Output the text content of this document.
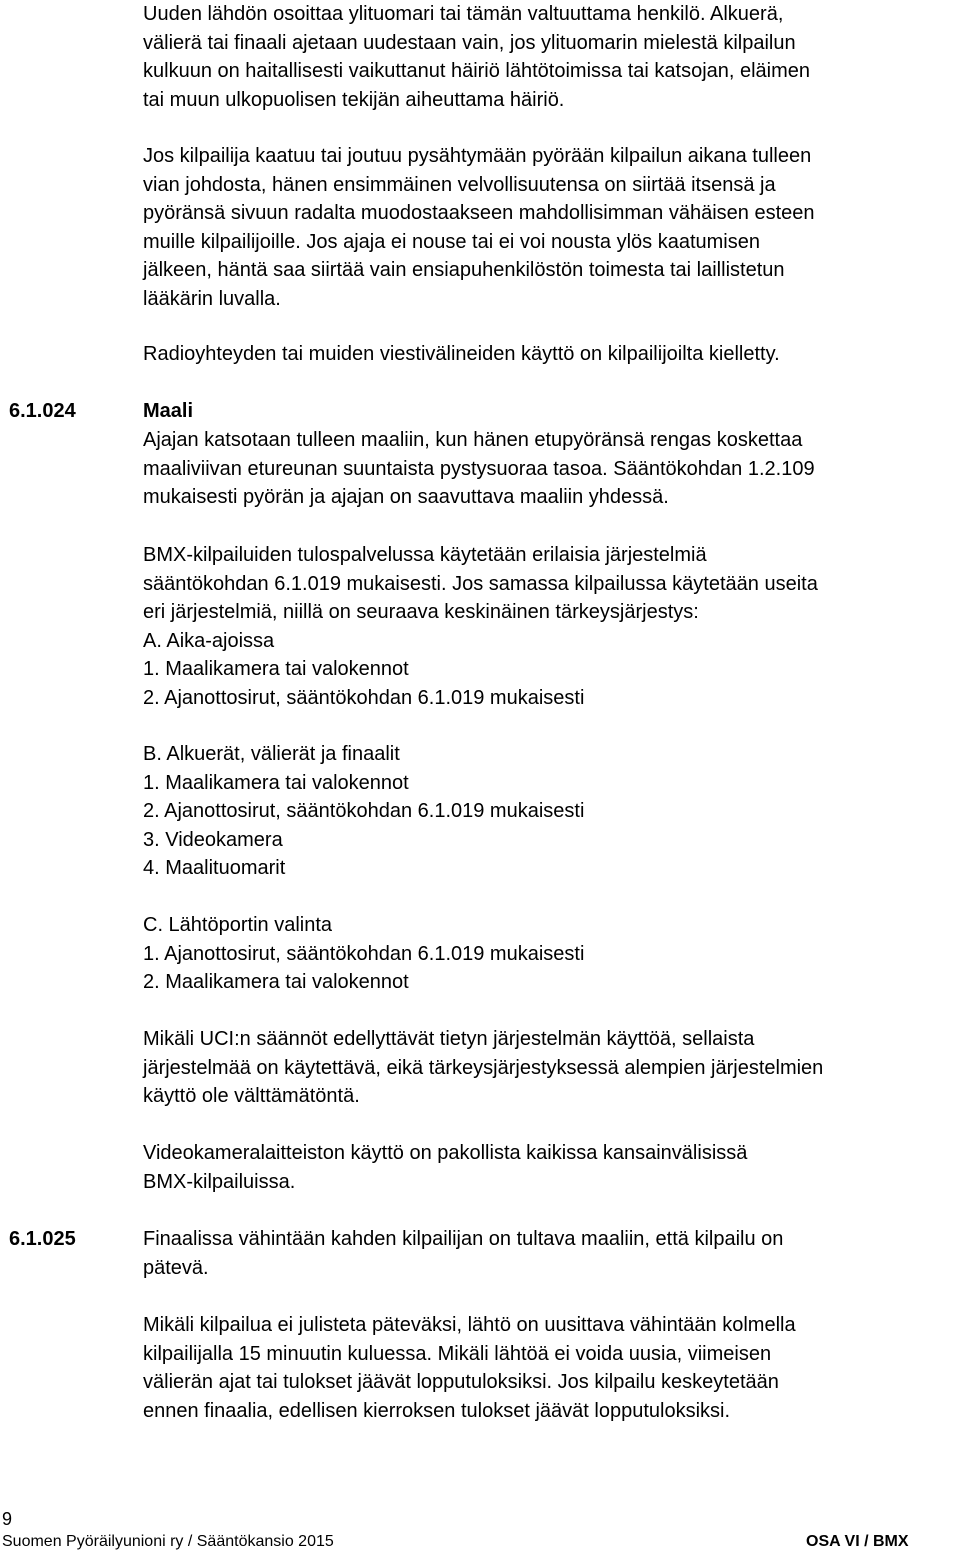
Uuden lähdön osoittaa ylituomari tai tämän valtuuttama henkilö. Alkuerä,
välierä tai finaali ajetaan uudestaan vain, jos ylituomarin mielestä kilpailun
kulkuun on haitallisesti vaikuttanut häiriö lähtötoimissa tai katsojan, eläimen
tai muun ulkopuolisen tekijän aiheuttama häiriö.
Jos kilpailija kaatuu tai joutuu pysähtymään pyörään kilpailun aikana tulleen
vian johdosta, hänen ensimmäinen velvollisuutensa on siirtää itsensä ja
pyöränsä sivuun radalta muodostaakseen mahdollisimman vähäisen esteen
muille kilpailijoille. Jos ajaja ei nouse tai ei voi nousta ylös kaatumisen
jälkeen, häntä saa siirtää vain ensiapuhenkilöstön toimesta tai laillistetun
lääkärin luvalla.
Radioyhteyden tai muiden viestivälineiden käyttö on kilpailijoilta kielletty.
6.1.024	Maali
Ajajan katsotaan tulleen maaliin, kun hänen etupyöränsä rengas koskettaa
maaliviivan etureunan suuntaista pystysuoraa tasoa. Sääntökohdan 1.2.109
mukaisesti pyörän ja ajajan on saavuttava maaliin yhdessä.
BMX-kilpailuiden tulospalvelussa käytetään erilaisia järjestelmiä
sääntökohdan 6.1.019 mukaisesti. Jos samassa kilpailussa käytetään useita
eri järjestelmiä, niillä on seuraava keskinäinen tärkeysjärjestys:
A. Aika-ajoissa
1. Maalikamera tai valokennot
2. Ajanottosirut, sääntökohdan 6.1.019 mukaisesti
B. Alkuerät, välierät ja finaalit
1. Maalikamera tai valokennot
2. Ajanottosirut, sääntökohdan 6.1.019 mukaisesti
3. Videokamera
4. Maalituomarit
C. Lähtöportin valinta
1. Ajanottosirut, sääntökohdan 6.1.019 mukaisesti
2. Maalikamera tai valokennot
Mikäli UCI:n säännöt edellyttävät tietyn järjestelmän käyttöä, sellaista
järjestelmää on käytettävä, eikä tärkeysjärjestyksessä alempien järjestelmien
käyttö ole välttämätöntä.
Videokameralaitteiston käyttö on pakollista kaikissa kansainvälisissä
BMX-kilpailuissa.
6.1.025	Finaalissa vähintään kahden kilpailijan on tultava maaliin, että kilpailu on
pätevä.
Mikäli kilpailua ei julisteta päteväksi, lähtö on uusittava vähintään kolmella
kilpailijalla 15 minuutin kuluessa. Mikäli lähtöä ei voida uusia, viimeisen
välierän ajat tai tulokset jäävät lopputuloksiksi. Jos kilpailu keskeytetään
ennen finaalia, edellisen kierroksen tulokset jäävät lopputuloksiksi.
9
Suomen Pyöräilyunioni ry / Sääntökansio 2015	OSA VI / BMX
